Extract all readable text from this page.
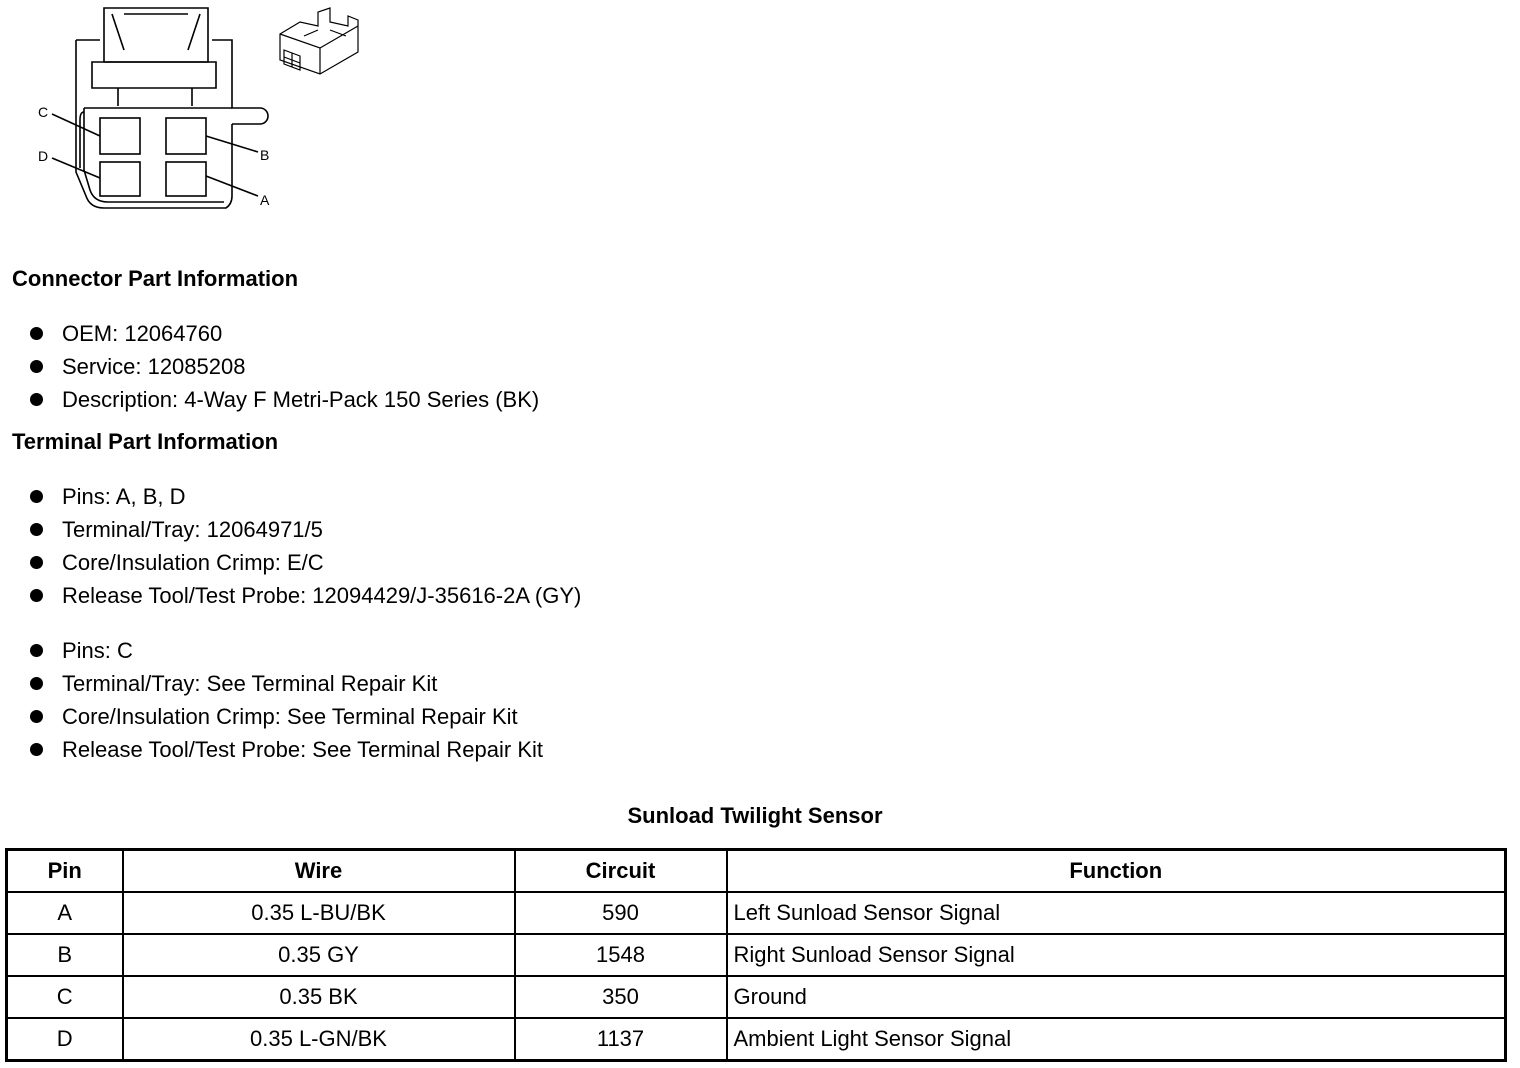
C
D	B
A
Connector Part Information
OEM: 12064760
Service: 12085208
Description: 4-Way F Metri-Pack 150 Series (BK)
Terminal Part Information
Pins: A, B, D
Terminal/Tray: 12064971/5
Core/Insulation Crimp: E/C
Release Tool/Test Probe: 12094429/J-35616-2A (GY)
Pins: C
Terminal/Tray: See Terminal Repair Kit
Core/Insulation Crimp: See Terminal Repair Kit
Release Tool/Test Probe: See Terminal Repair Kit
Sunload Twilight Sensor
Pin	Wire	Circuit	Function
A	0.35 L-BU/BK	590	Left Sunload Sensor Signal
B	0.35 GY	1548	Right Sunload Sensor Signal
C	0.35 BK	350	Ground
D	0.35 L-GN/BK	1137	Ambient Light Sensor Signal
